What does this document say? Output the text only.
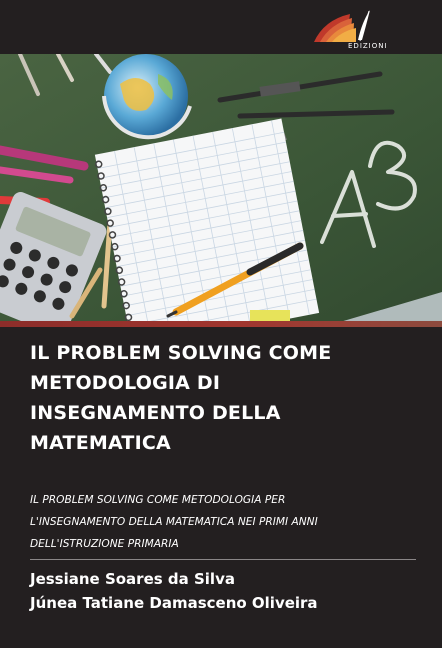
EDIZIONI
IL PROBLEM SOLVING COME
METODOLOGIA DI
INSEGNAMENTO DELLA
MATEMATICA

IL PROBLEM SOLVING COME METODOLOGIA PER
L'INSEGNAMENTO DELLA MATEMATICA NEI PRIMI ANNI
DELL'ISTRUZIONE PRIMARIA

Jessiane Soares da Silva
Júnea Tatiane Damasceno Oliveira
